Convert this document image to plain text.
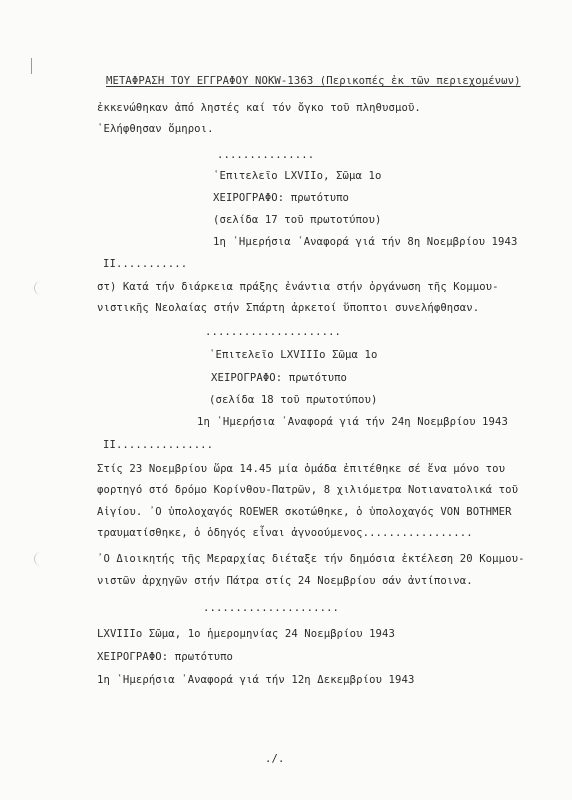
ΜΕΤΑΦΡΑΣΗ ΤΟΥ ΕΓΓΡΑΦΟΥ NOKW-1363 (Περικοπές ἐκ τῶν περιεχομένων)
ἐκκενώθηκαν ἀπό ληστές καί τόν ὄγκο τοῦ πληθυσμοῦ.
῾Ελήφθησαν ὅμηροι.
...............
῾Επιτελεῖο LXVIIο, Σῶμα 1ο
ΧΕΙΡΟΓΡΑΦΟ: πρωτότυπο
(σελίδα 17 τοῦ πρωτοτύπου)
1η ῾Ημερήσια ᾽Αναφορά γιά τήν 8η Νοεμβρίου 1943
II...........
στ) Κατά τήν διάρκεια πράξης ἐνάντια στήν ὀργάνωση τῆς Κομμου-
νιστικῆς Νεολαίας στήν Σπάρτη ἀρκετοί ὕποπτοι συνελήφθησαν.
.....................
῾Επιτελεῖο LXVIIIο Σῶμα 1ο
ΧΕΙΡΟΓΡΑΦΟ: πρωτότυπο
(σελίδα 18 τοῦ πρωτοτύπου)
1η ῾Ημερήσια ᾽Αναφορά γιά τήν 24η Νοεμβρίου 1943
II...............
Στίς 23 Νοεμβρίου ὥρα 14.45 μία ὁμάδα ἐπιτέθηκε σέ ἕνα μόνο του
φορτηγό στό δρόμο Κορίνθου-Πατρῶν, 8 χιλιόμετρα Νοτιανατολικά τοῦ
Αἰγίου. ᾽Ο ὑπολοχαγός ROEWER σκοτώθηκε, ὁ ὑπολοχαγός VON BOTHMER
τραυματίσθηκε, ὁ ὁδηγός εἶναι ἀγνοούμενος.................
᾽Ο Διοικητής τῆς Μεραρχίας διέταξε τήν δημόσια ἐκτέλεση 20 Κομμου-
νιστῶν ἀρχηγῶν στήν Πάτρα στίς 24 Νοεμβρίου σάν ἀντίποινα.
.....................
LXVIIIο Σῶμα, 1ο ἡμερομηνίας 24 Νοεμβρίου 1943
ΧΕΙΡΟΓΡΑΦΟ: πρωτότυπο
1η ῾Ημερήσια ᾽Αναφορά γιά τήν 12η Δεκεμβρίου 1943
./.
